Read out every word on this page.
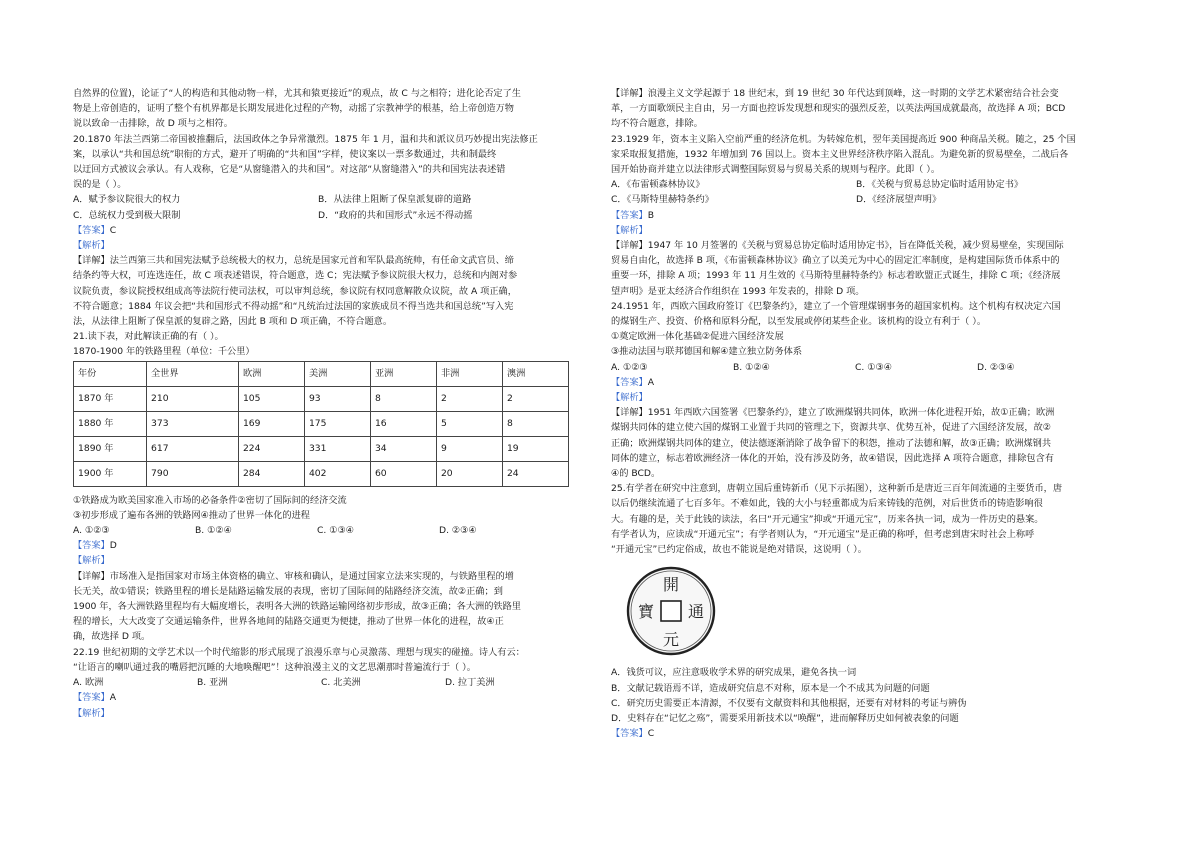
自然界的位置)，论证了“人的构造和其他动物一样，尤其和猿更接近”的观点，故 C 与之相符；进化论否定了生

物是上帝创造的，证明了整个有机界都是长期发展进化过程的产物，动摇了宗教神学的根基，给上帝创造万物

说以致命一击排除，故 D 项与之相符。

20.1870 年法兰西第二帝国被推翻后，法国政体之争异常激烈。1875 年 1 月，温和共和派议员巧妙提出宪法修正

案，以承认“共和国总统”职衔的方式，避开了明确的“共和国”字样，使议案以一票多数通过，共和制最终

以迂回方式被议会承认。有人戏称，它是“从窗缝潜入的共和国”。对这部“从窗缝潜入”的共和国宪法表述错

误的是（ ）。

A．赋予参议院很大的权力	B．从法律上阻断了保皇派复辟的道路
C．总统权力受到极大限制	D．“政府的共和国形式”永远不得动摇

【答案】C

【解析】

【详解】法兰西第三共和国宪法赋予总统极大的权力，总统是国家元首和军队最高统帅，有任命文武官员、缔

结条约等大权，可连选连任，故 C 项表述错误，符合题意，选 C；宪法赋予参议院很大权力，总统和内阁对参

议院负责，参议院授权组成高等法院行使司法权，可以审判总统，参议院有权同意解散众议院，故 A 项正确，

不符合题意；1884 年议会把“共和国形式不得动摇”和“凡统治过法国的家族成员不得当选共和国总统”写入宪

法，从法律上阻断了保皇派的复辟之路，因此 B 项和 D 项正确，不符合题意。

21.读下表，对此解读正确的有（ ）。

1870-1900 年的铁路里程（单位：千公里）

年份	全世界	欧洲	美洲	亚洲	非洲	澳洲
1870 年	210	105	93	8	2	2
1880 年	373	169	175	16	5	8
1890 年	617	224	331	34	9	19
1900 年	790	284	402	60	20	24

①铁路成为欧美国家准入市场的必备条件②密切了国际间的经济交流

③初步形成了遍布各洲的铁路网④推动了世界一体化的进程

A. ①②③	B. ①②④	C. ①③④	D. ②③④

【答案】D

【解析】

【详解】市场准入是指国家对市场主体资格的确立、审核和确认，是通过国家立法来实现的，与铁路里程的增

长无关，故①错误；铁路里程的增长是陆路运输发展的表现，密切了国际间的陆路经济交流，故②正确；到

1900 年，各大洲铁路里程均有大幅度增长，表明各大洲的铁路运输网络初步形成，故③正确；各大洲的铁路里

程的增长，大大改变了交通运输条件，世界各地间的陆路交通更为便捷，推动了世界一体化的进程，故④正

确，故选择 D 项。

22.19 世纪初期的文学艺术以一个时代缩影的形式展现了浪漫乐章与心灵激荡、理想与现实的碰撞。诗人有云：

“让语言的喇叭通过我的嘴唇把沉睡的大地唤醒吧”！这种浪漫主义的文艺思潮那时普遍流行于（ ）。

A. 欧洲	B. 亚洲	C. 北美洲	D. 拉丁美洲

【答案】A

【解析】

【详解】浪漫主义文学起源于 18 世纪末，到 19 世纪 30 年代达到顶峰，这一时期的文学艺术紧密结合社会变

革，一方面歌颂民主自由，另一方面也控诉发现想和现实的强烈反差，以英法两国成就最高，故选择 A 项；BCD

均不符合题意，排除。

23.1929 年，资本主义陷入空前严重的经济危机。为转嫁危机，翌年美国提高近 900 种商品关税。随之，25 个国

家采取报复措施，1932 年增加到 76 国以上。资本主义世界经济秩序陷入混乱。为避免新的贸易壁垒，二战后各

国开始协商并建立以法律形式调整国际贸易与贸易关系的规则与程序。此即（ ）。

A．《布雷顿森林协议》	B．《关税与贸易总协定临时适用协定书》
C．《马斯特里赫特条约》	D．《经济展望声明》

【答案】B

【解析】

【详解】1947 年 10 月签署的《关税与贸易总协定临时适用协定书》，旨在降低关税，减少贸易壁垒，实现国际

贸易自由化，故选择 B 项，《布雷顿森林协议》确立了以美元为中心的固定汇率制度，是构建国际货币体系中的

重要一环，排除 A 项；1993 年 11 月生效的《马斯特里赫特条约》标志着欧盟正式诞生，排除 C 项；《经济展

望声明》是亚太经济合作组织在 1993 年发表的，排除 D 项。

24.1951 年，西欧六国政府签订《巴黎条约》，建立了一个管理煤钢事务的超国家机构。这个机构有权决定六国

的煤钢生产、投资、价格和原料分配，以至发展或停闭某些企业。该机构的设立有利于（ ）。

①奠定欧洲一体化基础②促进六国经济发展

③推动法国与联邦德国和解④建立独立防务体系

A. ①②③	B. ①②④	C. ①③④	D. ②③④

【答案】A

【解析】

【详解】1951 年西欧六国签署《巴黎条约》，建立了欧洲煤钢共同体，欧洲一体化进程开始，故①正确；欧洲

煤钢共同体的建立使六国的煤钢工业置于共同的管理之下，资源共享、优势互补，促进了六国经济发展，故②

正确；欧洲煤钢共同体的建立，使法德逐渐消除了战争留下的积怨，推动了法德和解，故③正确；欧洲煤钢共

同体的建立，标志着欧洲经济一体化的开始，没有涉及防务，故④错误，因此选择 A 项符合题意，排除包含有

④的 BCD。

25.有学者在研究中注意到，唐朝立国后重铸新币（见下示拓图），这种新币是唐近三百年间流通的主要货币，唐

以后仍继续流通了七百多年。不难如此，钱的大小与轻重都成为后来铸钱的范例，对后世货币的铸造影响很

大。有趣的是，关于此钱的读法，名曰“开元通宝”抑或“开通元宝”，历来各执一词，成为一件历史的悬案。

有学者认为，应读成“开通元宝”；有学者则认为，“开元通宝”是正确的称呼，但考虑到唐宋时社会上称呼

“开通元宝”已约定俗成，故也不能说是绝对错误，这说明（ ）。

開
寶 通
元

A．钱货可议，应注意吸收学术界的研究成果，避免各执一词

B．文献记载语焉不详，造成研究信息不对称，原本是一个不成其为问题的问题

C．研究历史需要正本清源，不仅要有文献资料和其他根据，还要有对材料的考证与辨伪

D．史料存在“记忆之殇”，需要采用新技术以“唤醒”，进而解释历史如何被表象的问题

【答案】C
